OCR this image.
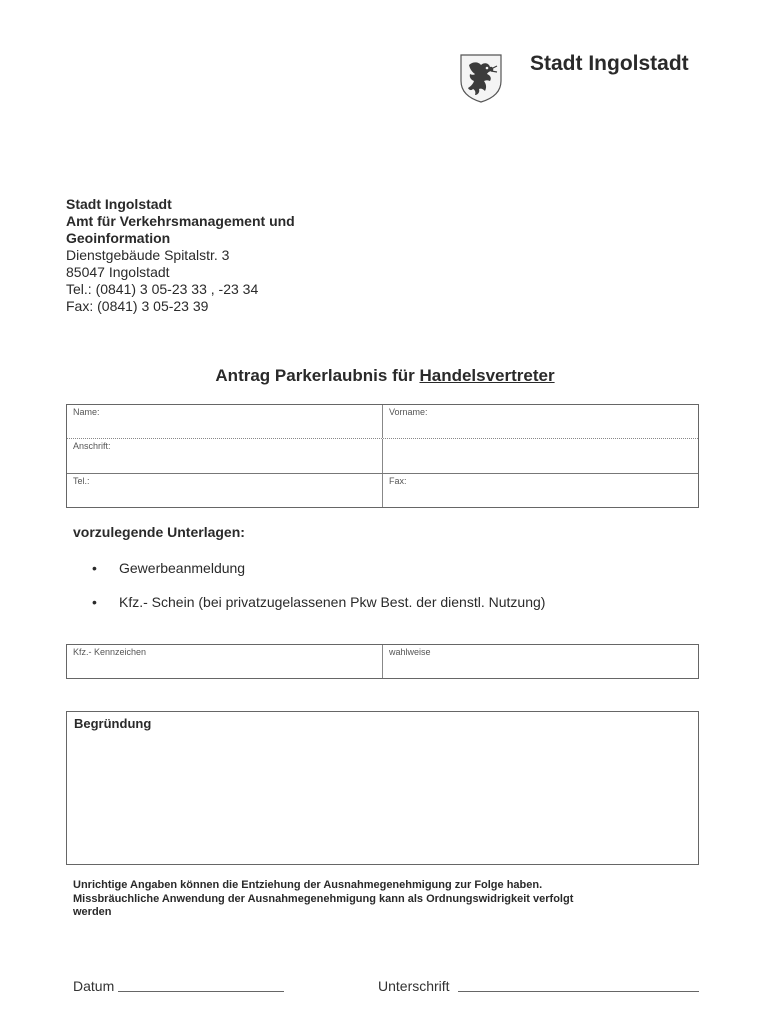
Stadt Ingolstadt
Stadt Ingolstadt
Amt für Verkehrsmanagement und
Geoinformation
Dienstgebäude Spitalstr. 3
85047 Ingolstadt
Tel.: (0841) 3 05-23 33 , -23 34
Fax: (0841) 3 05-23 39
Antrag Parkerlaubnis für Handelsvertreter
Name:	Vorname:
Anschrift:
Tel.:	Fax:
vorzulegende Unterlagen:
• Gewerbeanmeldung
• Kfz.- Schein (bei privatzugelassenen Pkw Best. der dienstl. Nutzung)
Kfz.- Kennzeichen	wahlweise
Begründung
Unrichtige Angaben können die Entziehung der Ausnahmegenehmigung zur Folge haben.
Missbräuchliche Anwendung der Ausnahmegenehmigung kann als Ordnungswidrigkeit verfolgt
werden
Datum	Unterschrift
